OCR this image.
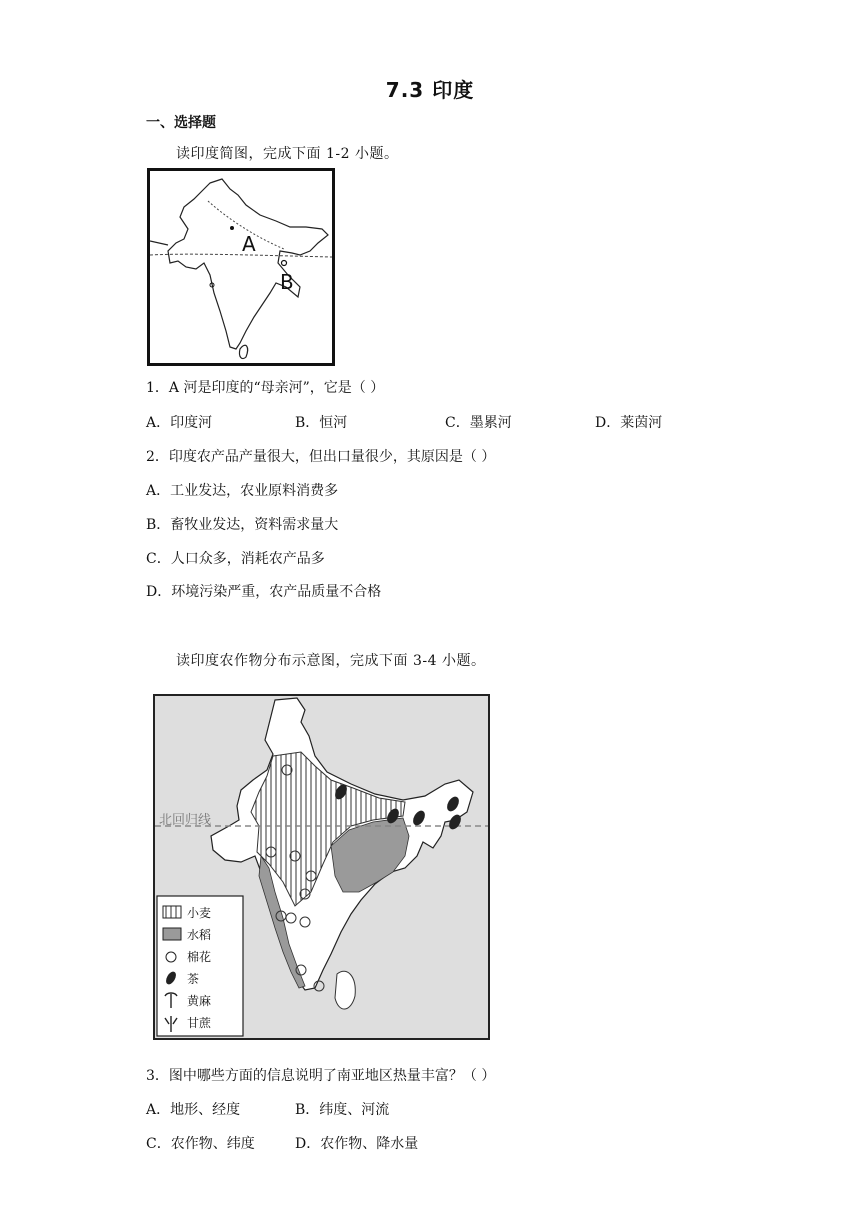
7.3 印度
一、选择题
读印度简图，完成下面 1-2 小题。
A
B
1．A 河是印度的“母亲河”，它是（ ）
A．印度河	B．恒河	C．墨累河	D．莱茵河
2．印度农产品产量很大，但出口量很少，其原因是（ ）
A．工业发达，农业原料消费多
B．畜牧业发达，资料需求量大
C．人口众多，消耗农产品多
D．环境污染严重，农产品质量不合格
读印度农作物分布示意图，完成下面 3-4 小题。
北回归线
小麦
水稻
棉花
茶
黄麻
甘蔗
3．图中哪些方面的信息说明了南亚地区热量丰富？（ ）
A．地形、经度	B．纬度、河流
C．农作物、纬度	D．农作物、降水量
